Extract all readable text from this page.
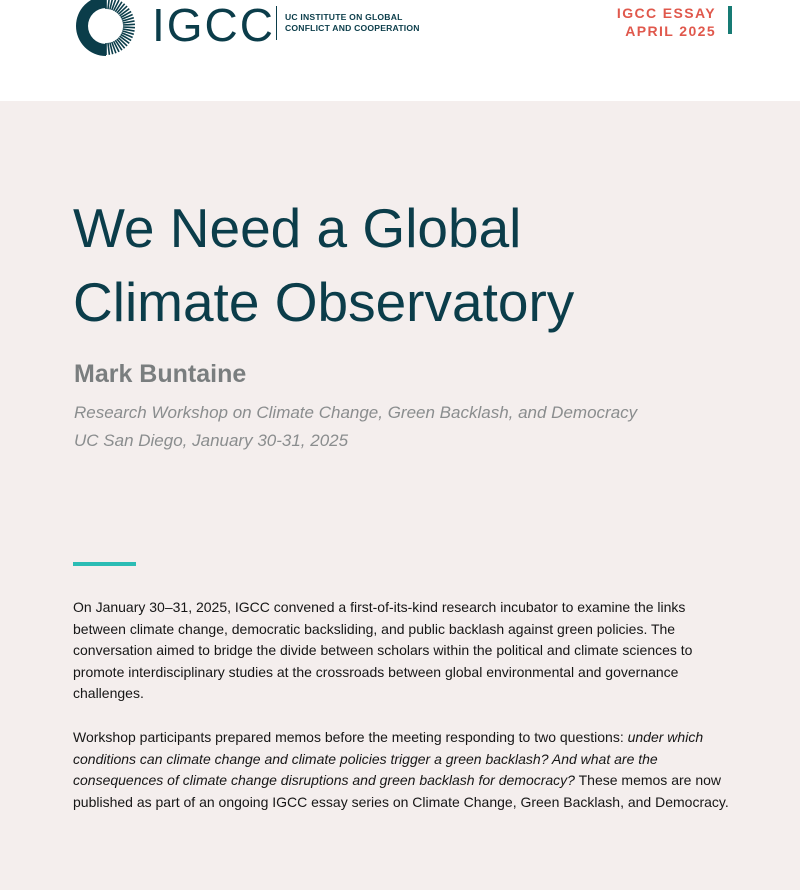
IGCC UC INSTITUTE ON GLOBAL
CONFLICT AND COOPERATION
IGCC ESSAY
APRIL 2025
We Need a Global
Climate Observatory
Mark Buntaine
Research Workshop on Climate Change, Green Backlash, and Democracy
UC San Diego, January 30-31, 2025

On January 30–31, 2025, IGCC convened a first-of-its-kind research incubator to examine the links between climate change, democratic backsliding, and public backlash against green policies. The conversation aimed to bridge the divide between scholars within the political and climate sciences to promote interdisciplinary studies at the crossroads between global environmental and governance challenges.

Workshop participants prepared memos before the meeting responding to two questions: under which conditions can climate change and climate policies trigger a green backlash? And what are the consequences of climate change disruptions and green backlash for democracy? These memos are now published as part of an ongoing IGCC essay series on Climate Change, Green Backlash, and Democracy.
